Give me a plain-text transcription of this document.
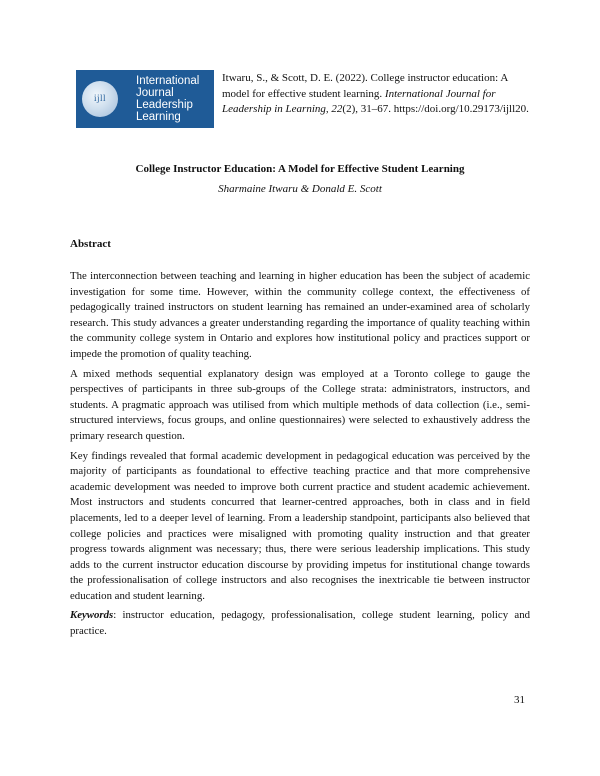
ijll
International
Journal
Leadership
Learning
Itwaru, S., & Scott, D. E. (2022). College instructor education: A model for effective student learning. International Journal for Leadership in Learning, 22(2), 31–67. https://doi.org/10.29173/ijll20.
College Instructor Education: A Model for Effective Student Learning
Sharmaine Itwaru & Donald E. Scott
Abstract

The interconnection between teaching and learning in higher education has been the subject of academic investigation for some time. However, within the community college context, the effectiveness of pedagogically trained instructors on student learning has remained an under-examined area of scholarly research. This study advances a greater understanding regarding the importance of quality teaching within the community college system in Ontario and explores how institutional policy and practices support or impede the promotion of quality teaching.

A mixed methods sequential explanatory design was employed at a Toronto college to gauge the perspectives of participants in three sub-groups of the College strata: administrators, instructors, and students. A pragmatic approach was utilised from which multiple methods of data collection (i.e., semi-structured interviews, focus groups, and online questionnaires) were selected to exhaustively address the primary research question.

Key findings revealed that formal academic development in pedagogical education was perceived by the majority of participants as foundational to effective teaching practice and that more comprehensive academic development was needed to improve both current practice and student academic achievement. Most instructors and students concurred that learner-centred approaches, both in class and in field placements, led to a deeper level of learning. From a leadership standpoint, participants also believed that college policies and practices were misaligned with promoting quality instruction and that greater progress towards alignment was necessary; thus, there were serious leadership implications. This study adds to the current instructor education discourse by providing impetus for institutional change towards the professionalisation of college instructors and also recognises the inextricable tie between instructor education and student learning.

Keywords: instructor education, pedagogy, professionalisation, college student learning, policy and practice.

31
